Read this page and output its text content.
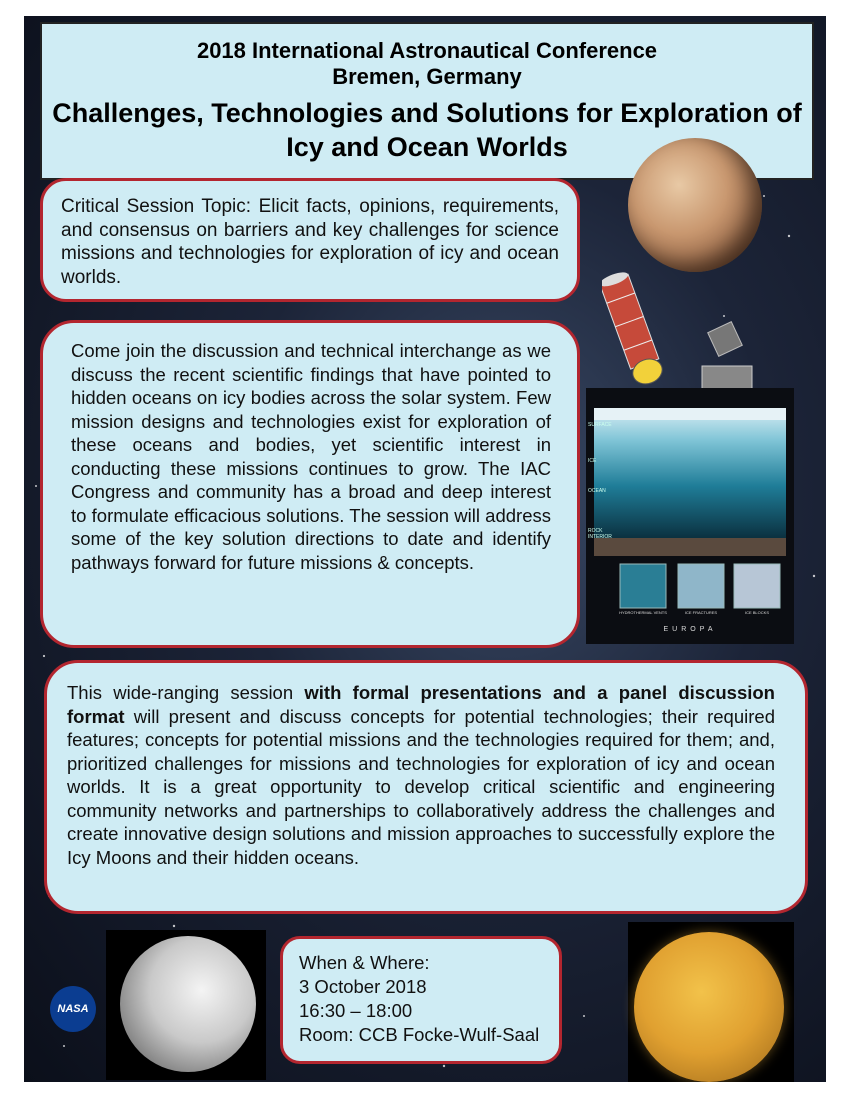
2018 International Astronautical Conference
Bremen, Germany
Challenges, Technologies and Solutions for Exploration of Icy and Ocean Worlds
SURFACE
ICE
OCEAN
ROCK INTERIOR
HYDROTHERMAL VENTS	ICE FRACTURES	ICE BLOCKS
EUROPA
Critical Session Topic: Elicit facts, opinions, requirements, and consensus on barriers and key challenges for science missions and technologies for exploration of icy and ocean worlds.
Come join the discussion and technical interchange as we discuss the recent scientific findings that have pointed to hidden oceans on icy bodies across the solar system. Few mission designs and technologies exist for exploration of these oceans and bodies, yet scientific interest in conducting these missions continues to grow. The IAC Congress and community has a broad and deep interest to formulate efficacious solutions. The session will address some of the key solution directions to date and identify pathways forward for future missions & concepts.
This wide-ranging session with formal presentations and a panel discussion format will present and discuss concepts for potential technologies; their required features; concepts for potential missions and the technologies required for them; and, prioritized challenges for missions and technologies for exploration of icy and ocean worlds. It is a great opportunity to develop critical scientific and engineering community networks and partnerships to collaboratively address the challenges and create innovative design solutions and mission approaches to successfully explore the Icy Moons and their hidden oceans.
NASA
When & Where:
3 October 2018
16:30 – 18:00
Room: CCB Focke-Wulf-Saal
